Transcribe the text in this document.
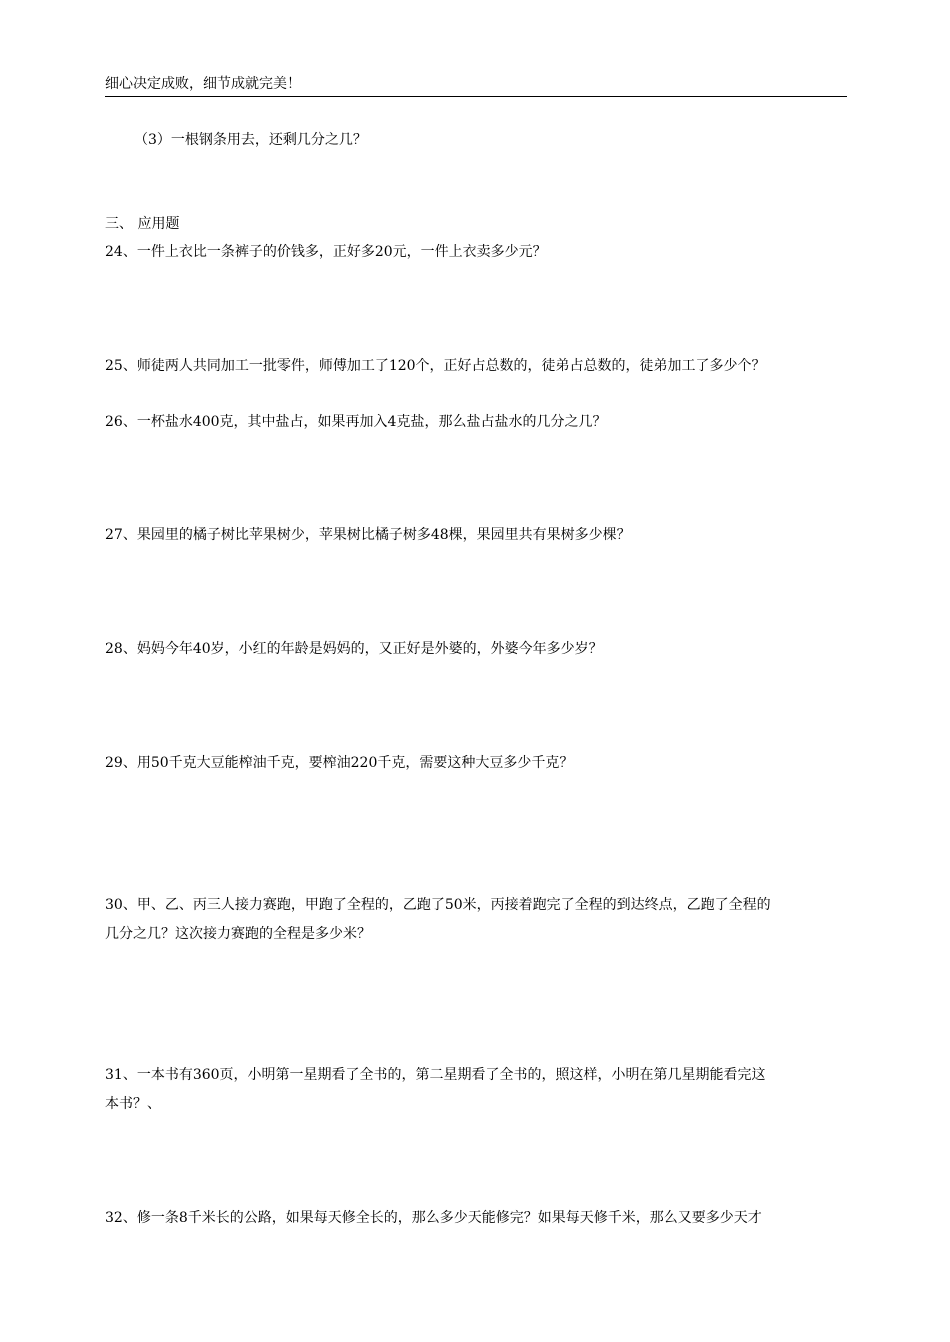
细心决定成败，细节成就完美！
（3）一根钢条用去，还剩几分之几？
三、 应用题
24、一件上衣比一条裤子的价钱多，正好多20元，一件上衣卖多少元？
25、师徒两人共同加工一批零件，师傅加工了120个，正好占总数的，徒弟占总数的，徒弟加工了多少个？
26、一杯盐水400克，其中盐占，如果再加入4克盐，那么盐占盐水的几分之几？
27、果园里的橘子树比苹果树少，苹果树比橘子树多48棵，果园里共有果树多少棵？
28、妈妈今年40岁，小红的年龄是妈妈的，又正好是外婆的，外婆今年多少岁？
29、用50千克大豆能榨油千克，要榨油220千克，需要这种大豆多少千克？
30、甲、乙、丙三人接力赛跑，甲跑了全程的，乙跑了50米，丙接着跑完了全程的到达终点，乙跑了全程的
几分之几？这次接力赛跑的全程是多少米？
31、一本书有360页，小明第一星期看了全书的，第二星期看了全书的，照这样，小明在第几星期能看完这
本书？、
32、修一条8千米长的公路，如果每天修全长的，那么多少天能修完？如果每天修千米，那么又要多少天才
